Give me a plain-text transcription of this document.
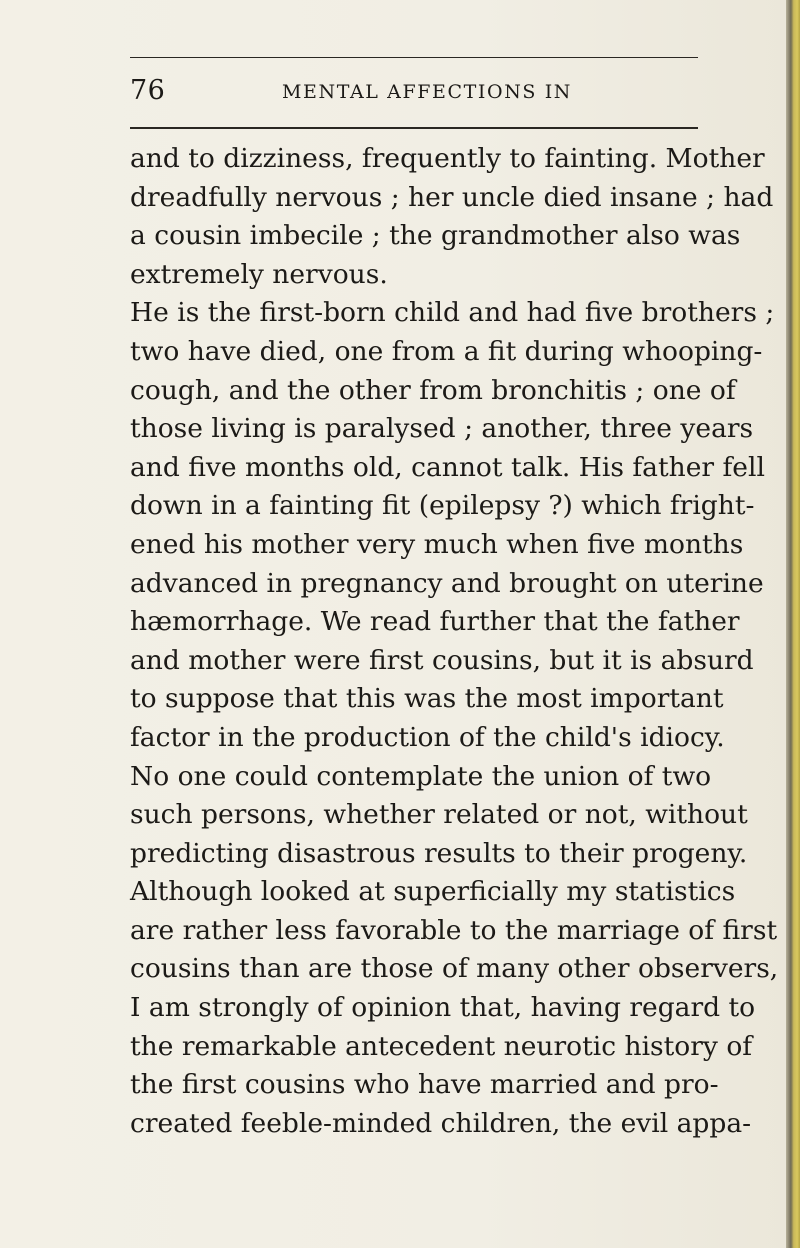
76	MENTAL AFFECTIONS IN
and to dizziness, frequently to fainting. Mother
dreadfully nervous ; her uncle died insane ; had
a cousin imbecile ; the grandmother also was
extremely nervous.
He is the first-born child and had five brothers ;
two have died, one from a fit during whooping-
cough, and the other from bronchitis ; one of
those living is paralysed ; another, three years
and five months old, cannot talk. His father fell
down in a fainting fit (epilepsy ?) which fright-
ened his mother very much when five months
advanced in pregnancy and brought on uterine
hæmorrhage. We read further that the father
and mother were first cousins, but it is absurd
to suppose that this was the most important
factor in the production of the child's idiocy.
No one could contemplate the union of two
such persons, whether related or not, without
predicting disastrous results to their progeny.
Although looked at superficially my statistics
are rather less favorable to the marriage of first
cousins than are those of many other observers,
I am strongly of opinion that, having regard to
the remarkable antecedent neurotic history of
the first cousins who have married and pro-
created feeble-minded children, the evil appa-
